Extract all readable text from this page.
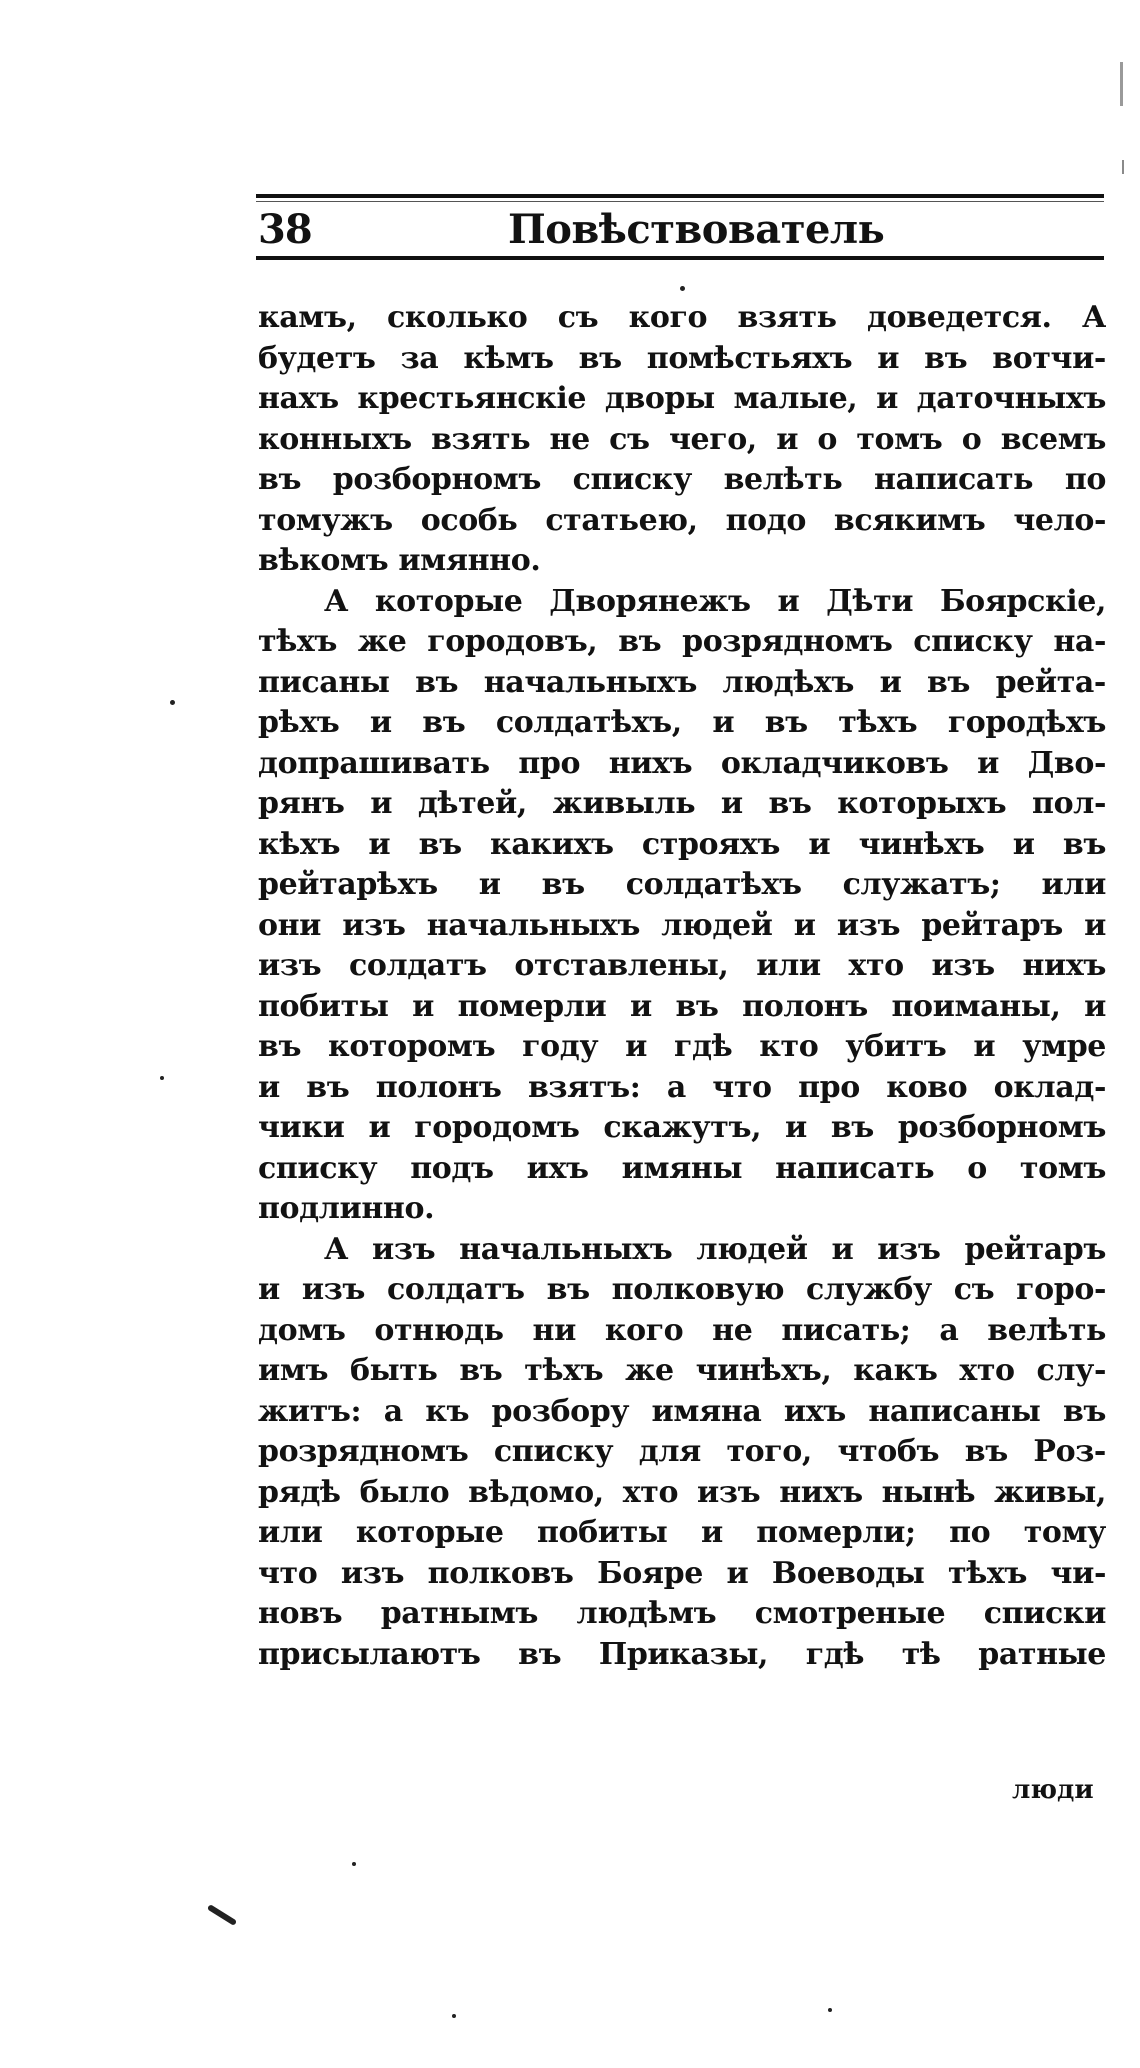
38	Повѣствователь
камъ, сколько съ кого взять доведется. А
будетъ за кѣмъ въ помѣстьяхъ и въ вотчи-
нахъ крестьянскіе дворы малые, и даточныхъ
конныхъ взять не съ чего, и о томъ о всемъ
въ розборномъ списку велѣть написать по
томужъ особь статьею, подо всякимъ чело-
вѣкомъ имянно.
А которые Дворянежъ и Дѣти Боярскіе,
тѣхъ же городовъ, въ розрядномъ списку на-
писаны въ начальныхъ людѣхъ и въ рейта-
рѣхъ и въ солдатѣхъ, и въ тѣхъ городѣхъ
допрашивать про нихъ окладчиковъ и Дво-
рянъ и дѣтей, живыль и въ которыхъ пол-
кѣхъ и въ какихъ строяхъ и чинѣхъ и въ
рейтарѣхъ и въ солдатѣхъ служатъ; или
они изъ начальныхъ людей и изъ рейтаръ и
изъ солдатъ отставлены, или хто изъ нихъ
побиты и померли и въ полонъ поиманы, и
въ которомъ году и гдѣ кто убитъ и умре
и въ полонъ взятъ: а что про ково оклад-
чики и городомъ скажутъ, и въ розборномъ
списку подъ ихъ имяны написать о томъ
подлинно.
А изъ начальныхъ людей и изъ рейтаръ
и изъ солдатъ въ полковую службу съ горо-
домъ отнюдь ни кого не писать; а велѣть
имъ быть въ тѣхъ же чинѣхъ, какъ хто слу-
житъ: а къ розбору имяна ихъ написаны въ
розрядномъ списку для того, чтобъ въ Роз-
рядѣ было вѣдомо, хто изъ нихъ нынѣ живы,
или которые побиты и померли; по тому
что изъ полковъ Бояре и Воеводы тѣхъ чи-
новъ ратнымъ людѣмъ смотреные списки
присылаютъ въ Приказы, гдѣ тѣ ратные
люди
